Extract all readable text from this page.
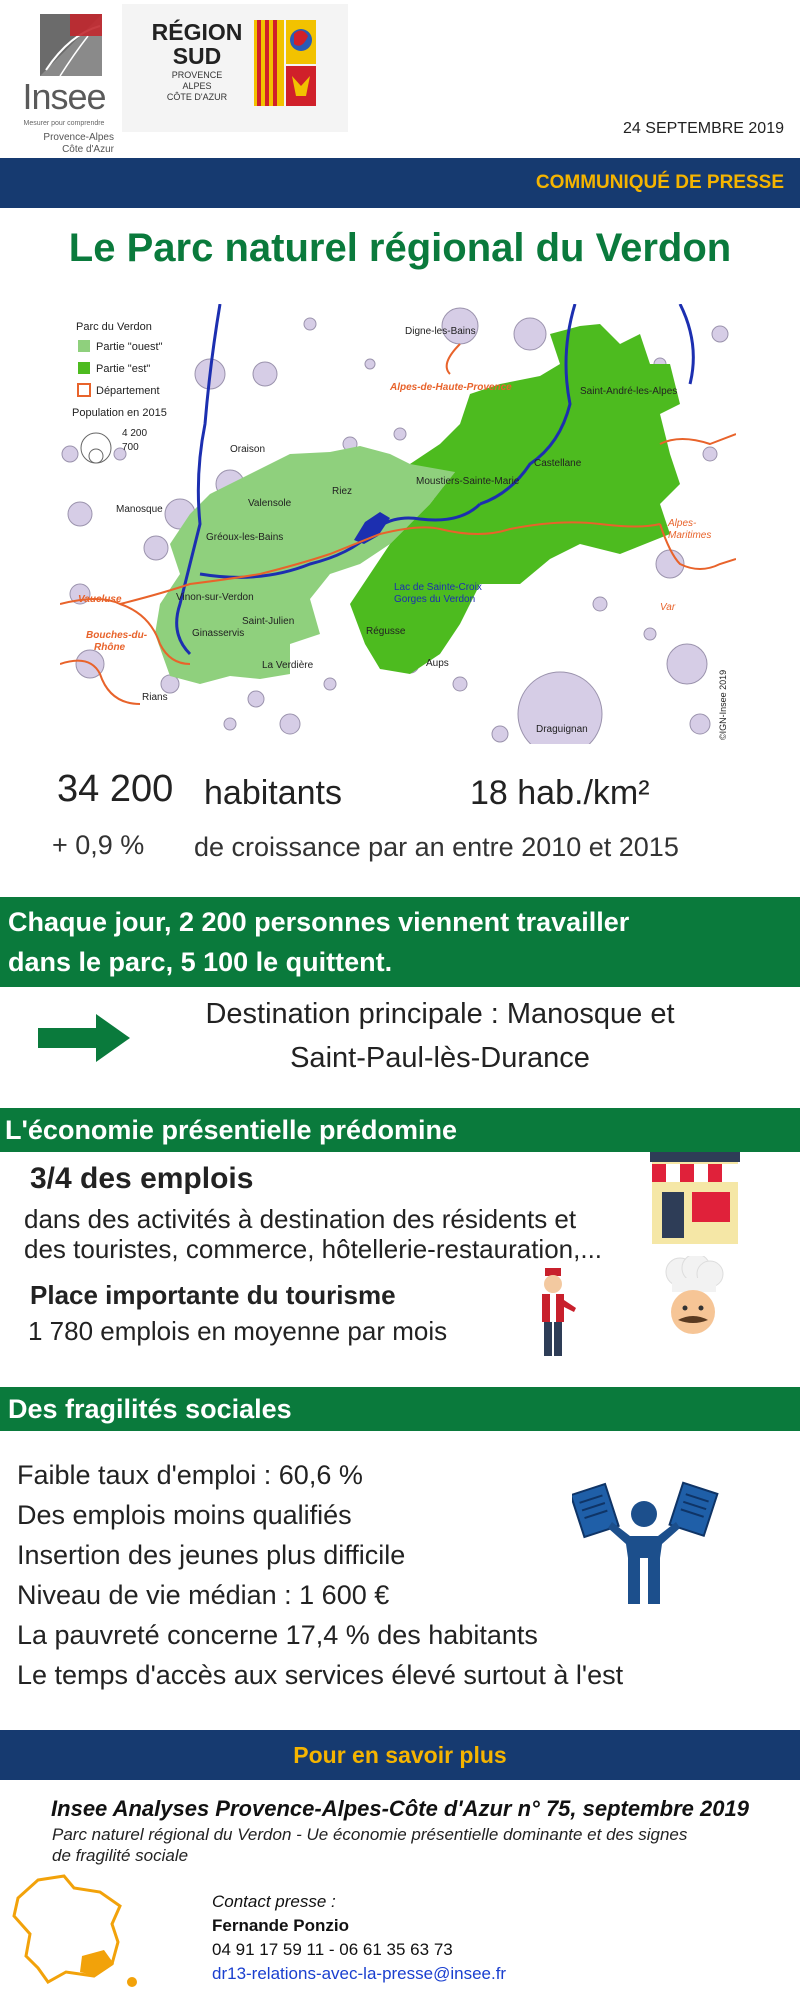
Insee
Mesurer pour comprendre
Provence-Alpes
Côte d'Azur
RÉGION
SUD
PROVENCE
ALPES
CÔTE D'AZUR
24 SEPTEMBRE 2019
COMMUNIQUÉ DE PRESSE
Le Parc naturel régional du Verdon
Parc du Verdon
Partie "ouest"
Partie "est"
Département
Population en 2015
4 200
700
Digne-les-Bains
Alpes-de-Haute-Provence	Saint-André-les-Alpes
Oraison
Castellane
Riez
Moustiers-Sainte-Marie
Valensole
Manosque
Gréoux-les-Bains
Alpes-
Maritimes
Lac de Sainte-Croix
Gorges du Verdon
Vinon-sur-Verdon
Vaucluse
Var
Saint-Julien
Bouches-du-
Rhône
Ginasservis	Régusse
Aups
La Verdière
Rians
Draguignan	©IGN-Insee 2019
34 200 habitants	18 hab./km²
+ 0,9 % de croissance par an entre 2010 et 2015
Chaque jour, 2 200 personnes viennent travailler
dans le parc, 5 100 le quittent.
Destination principale : Manosque et
Saint-Paul-lès-Durance
L'économie présentielle prédomine
3/4 des emplois
dans des activités à destination des résidents et
des touristes, commerce, hôtellerie-restauration,...
Place importante du tourisme
1 780 emplois en moyenne par mois
Des fragilités sociales
Faible taux d'emploi : 60,6 %
Des emplois moins qualifiés
Insertion des jeunes plus difficile
Niveau de vie médian : 1 600 €
La pauvreté concerne 17,4 % des habitants
Le temps d'accès aux services élevé surtout à l'est
Pour en savoir plus
Insee Analyses Provence-Alpes-Côte d'Azur n° 75, septembre 2019
Parc naturel régional du Verdon - Ue économie présentielle dominante et des signes
de fragilité sociale
Contact presse :
Fernande Ponzio
04 91 17 59 11 - 06 61 35 63 73
dr13-relations-avec-la-presse@insee.fr
